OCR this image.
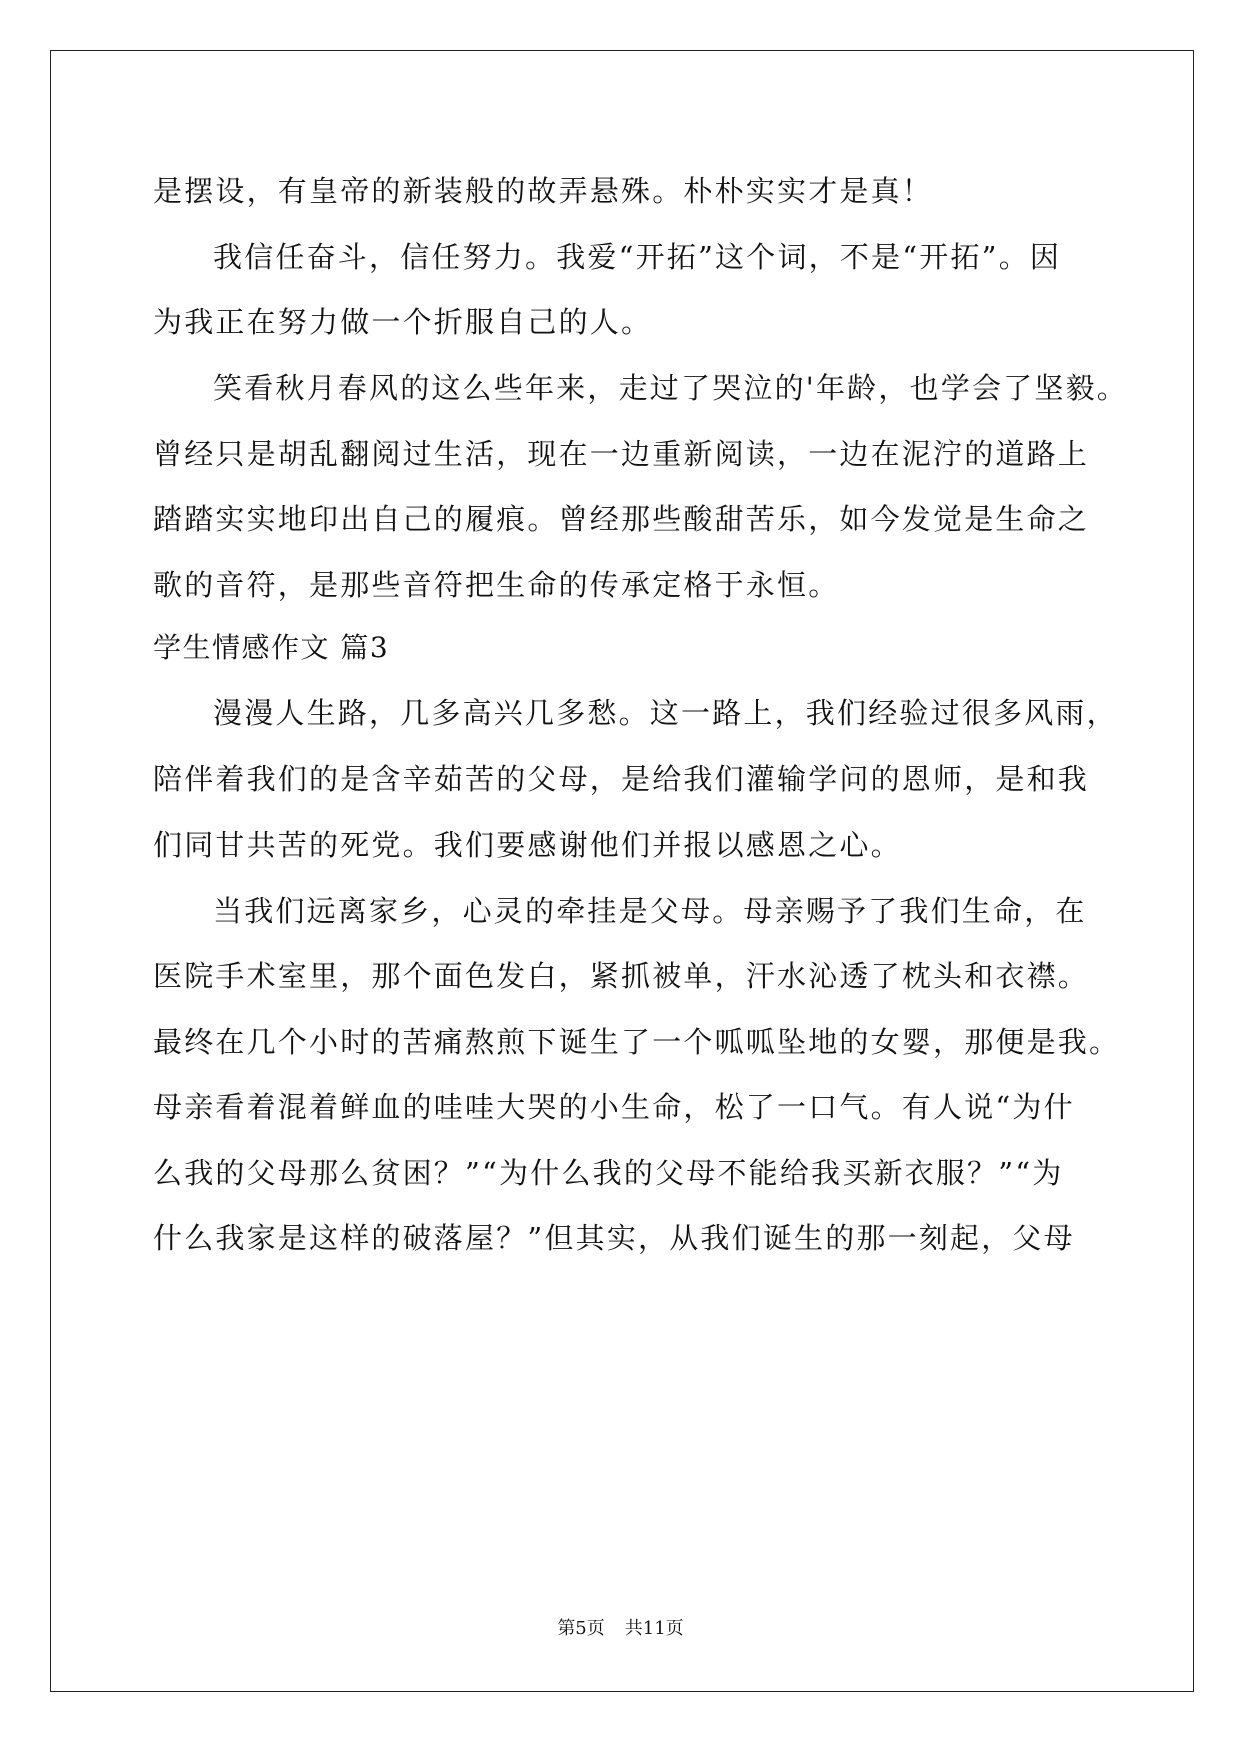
是摆设，有皇帝的新装般的故弄悬殊。朴朴实实才是真！
我信任奋斗，信任努力。我爱“开拓”这个词，不是“开拓”。因
为我正在努力做一个折服自己的人。
笑看秋月春风的这么些年来，走过了哭泣的'年龄，也学会了坚毅。
曾经只是胡乱翻阅过生活，现在一边重新阅读，一边在泥泞的道路上
踏踏实实地印出自己的履痕。曾经那些酸甜苦乐，如今发觉是生命之
歌的音符，是那些音符把生命的传承定格于永恒。
学生情感作文 篇3
漫漫人生路，几多高兴几多愁。这一路上，我们经验过很多风雨，
陪伴着我们的是含辛茹苦的父母，是给我们灌输学问的恩师，是和我
们同甘共苦的死党。我们要感谢他们并报以感恩之心。
当我们远离家乡，心灵的牵挂是父母。母亲赐予了我们生命，在
医院手术室里，那个面色发白，紧抓被单，汗水沁透了枕头和衣襟。
最终在几个小时的苦痛熬煎下诞生了一个呱呱坠地的女婴，那便是我。
母亲看着混着鲜血的哇哇大哭的小生命，松了一口气。有人说“为什
么我的父母那么贫困？”“为什么我的父母不能给我买新衣服？”“为
什么我家是这样的破落屋？”但其实，从我们诞生的那一刻起，父母
第5页 共11页
